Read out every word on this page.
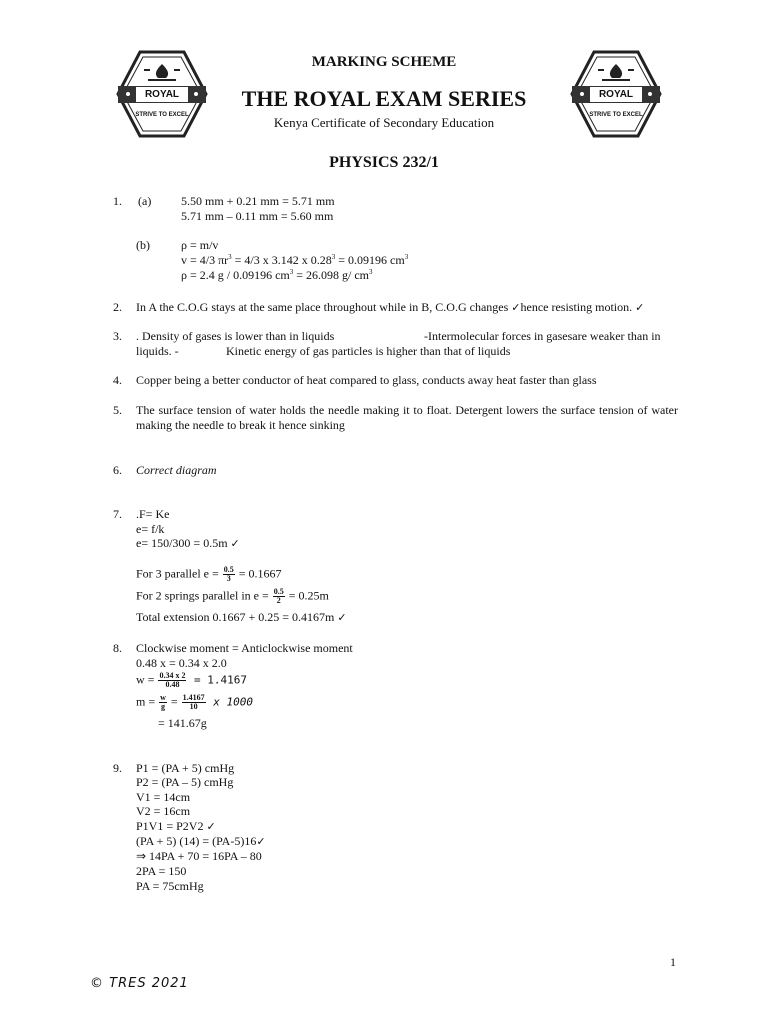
ROYAL
STRIVE TO EXCEL
ROYAL
STRIVE TO EXCEL
MARKING SCHEME
THE ROYAL EXAM SERIES
Kenya Certificate of Secondary Education
PHYSICS 232/1
1. (a) 5.50 mm + 0.21 mm = 5.71 mm
5.71 mm – 0.11 mm = 5.60 mm
(b)	ρ = m/v
v = 4/3 $\pi r^3 = 4/3$ x 3.142 x $0.28^3 = 0.09196$ $cm^3$
ρ = 2.4 g / 0.09196 $cm^3 = 26.098$ g/ $cm^3$
2. In A the C.O.G stays at the same place throughout while in B, C.O.G changes ✓hence resisting motion. ✓
3. . Density of gases is lower than in liquids	-Intermolecular forces in gasesare weaker than in
liquids. -	Kinetic energy of gas particles is higher than that of liquids
4. Copper being a better conductor of heat compared to glass, conducts away heat faster than glass
5. The surface tension of water holds the needle making it to float. Detergent lowers the surface tension of water making the needle to break it hence sinking
6. Correct diagram
7. .F= Ke
e= f/k
e= 150/300 = 0.5m ✓
For 3 parallel $e = \frac{0.5}{3} = 0.1667$
For 2 springs parallel in $e = \frac{0.5}{2} = 0.25m$
Total extension 0.1667 + 0.25 = 0.4167m ✓
8. Clockwise moment = Anticlockwise moment
0.48 x = 0.34 x 2.0
$w = \frac{0.34 x 2}{0.48} = 1.4167$
$m = \frac{w}{g} = \frac{1.4167}{10}$ x 1000
= 141.67g
9. P1 = (PA + 5) cmHg
P2 = (PA – 5) cmHg
V1 = 14cm
V2 = 16cm
P1V1 = P2V2 ✓
(PA + 5) (14) = (PA-5)16✓
⇒ 14PA + 70 = 16PA – 80
2PA = 150
PA = 75cmHg
1
© TRES 2021
